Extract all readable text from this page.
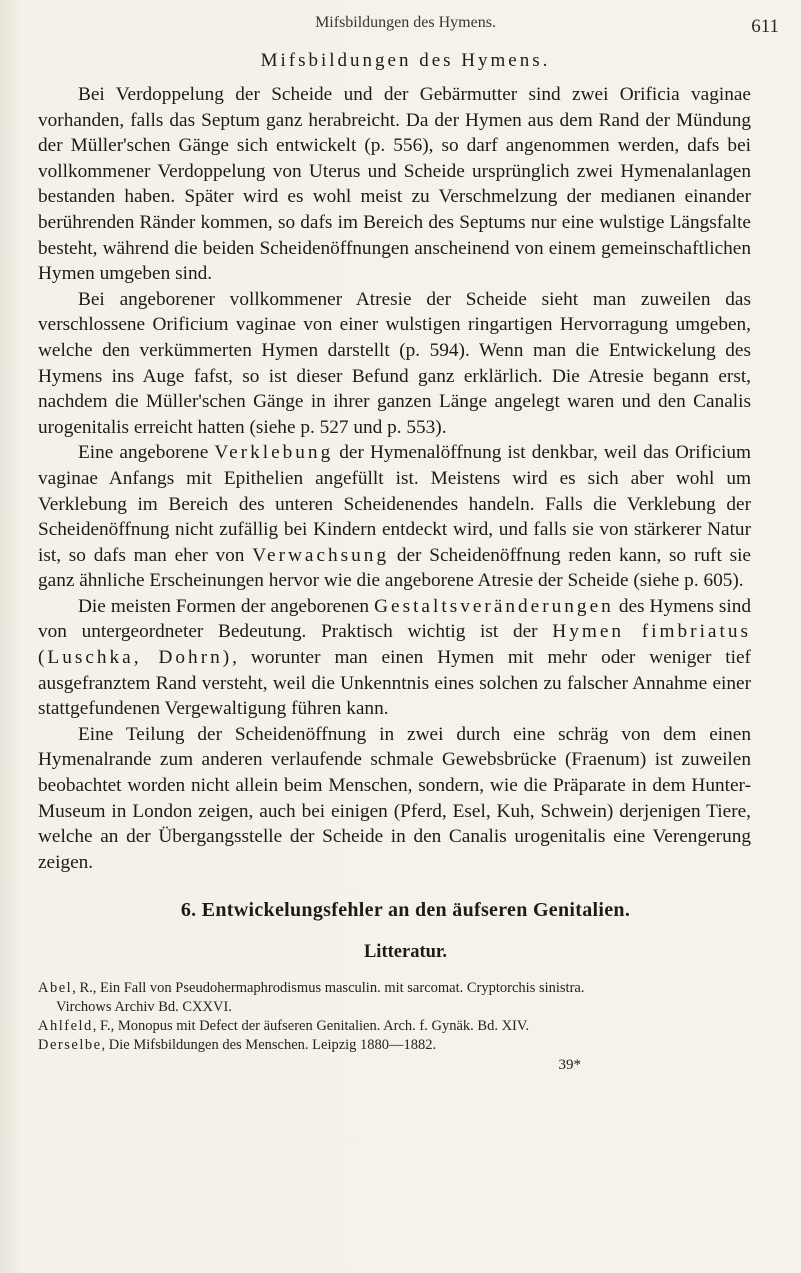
Mifsbildungen des Hymens.	611
Mifsbildungen des Hymens.

Bei Verdoppelung der Scheide und der Gebärmutter sind zwei Orificia vaginae vorhanden, falls das Septum ganz herabreicht. Da der Hymen aus dem Rand der Mündung der Müller'schen Gänge sich entwickelt (p. 556), so darf angenommen werden, dafs bei vollkommener Verdoppelung von Uterus und Scheide ursprünglich zwei Hymenalanlagen bestanden haben. Später wird es wohl meist zu Verschmelzung der medianen einander berührenden Ränder kommen, so dafs im Bereich des Septums nur eine wulstige Längsfalte besteht, während die beiden Scheidenöffnungen anscheinend von einem gemeinschaftlichen Hymen umgeben sind.

Bei angeborener vollkommener Atresie der Scheide sieht man zuweilen das verschlossene Orificium vaginae von einer wulstigen ringartigen Hervorragung umgeben, welche den verkümmerten Hymen darstellt (p. 594). Wenn man die Entwickelung des Hymens ins Auge fafst, so ist dieser Befund ganz erklärlich. Die Atresie begann erst, nachdem die Müller'schen Gänge in ihrer ganzen Länge angelegt waren und den Canalis urogenitalis erreicht hatten (siehe p. 527 und p. 553).

Eine angeborene Verklebung der Hymenalöffnung ist denkbar, weil das Orificium vaginae Anfangs mit Epithelien angefüllt ist. Meistens wird es sich aber wohl um Verklebung im Bereich des unteren Scheidenendes handeln. Falls die Verklebung der Scheidenöffnung nicht zufällig bei Kindern entdeckt wird, und falls sie von stärkerer Natur ist, so dafs man eher von Verwachsung der Scheidenöffnung reden kann, so ruft sie ganz ähnliche Erscheinungen hervor wie die angeborene Atresie der Scheide (siehe p. 605).

Die meisten Formen der angeborenen Gestaltsveränderungen des Hymens sind von untergeordneter Bedeutung. Praktisch wichtig ist der Hymen fimbriatus (Luschka, Dohrn), worunter man einen Hymen mit mehr oder weniger tief ausgefranztem Rand versteht, weil die Unkenntnis eines solchen zu falscher Annahme einer stattgefundenen Vergewaltigung führen kann.

Eine Teilung der Scheidenöffnung in zwei durch eine schräg von dem einen Hymenalrande zum anderen verlaufende schmale Gewebsbrücke (Fraenum) ist zuweilen beobachtet worden nicht allein beim Menschen, sondern, wie die Präparate in dem Hunter-Museum in London zeigen, auch bei einigen (Pferd, Esel, Kuh, Schwein) derjenigen Tiere, welche an der Übergangsstelle der Scheide in den Canalis urogenitalis eine Verengerung zeigen.

6. Entwickelungsfehler an den äufseren Genitalien.
Litteratur.

Abel, R., Ein Fall von Pseudohermaphrodismus masculin. mit sarcomat. Cryptorchis sinistra.

Virchows Archiv Bd. CXXVI.

Ahlfeld, F., Monopus mit Defect der äufseren Genitalien. Arch. f. Gynäk. Bd. XIV.

Derselbe, Die Mifsbildungen des Menschen. Leipzig 1880—1882.

39*
